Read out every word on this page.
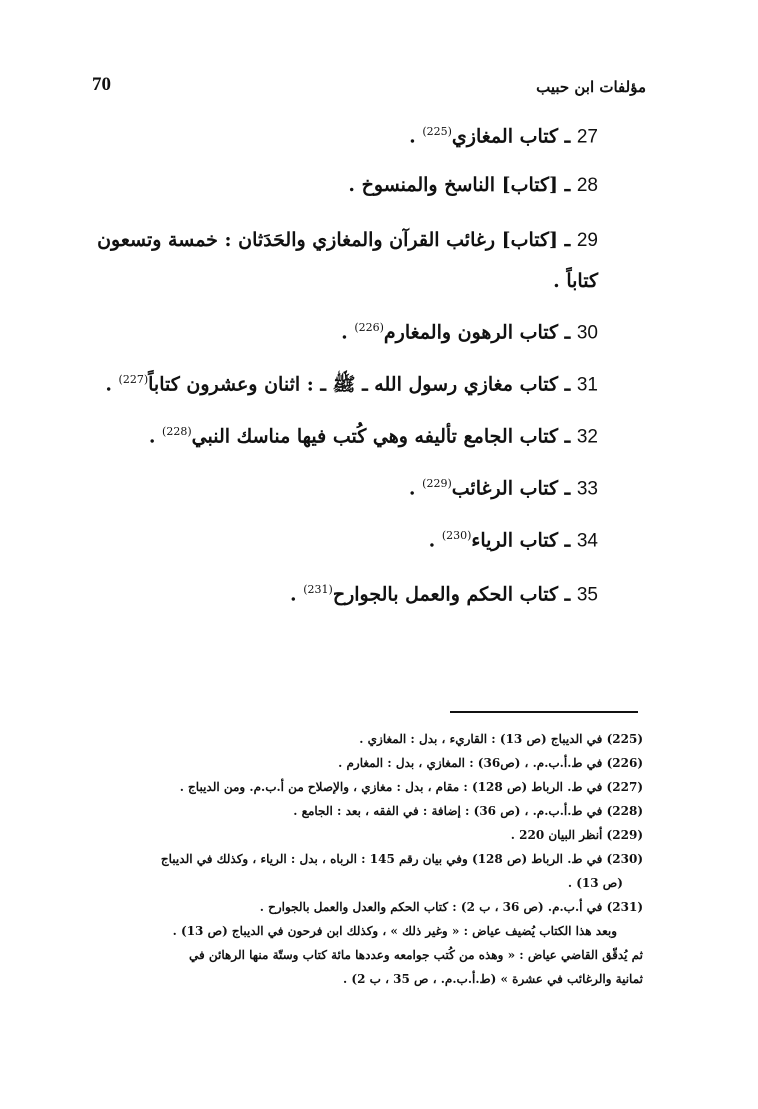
70	مؤلفات ابن حبيب
27 ـ كتاب المغازي$^{(225)}$ .
28 ـ [كتاب] الناسخ والمنسوخ .
29 ـ [كتاب] رغائب القرآن والمغازي والحَدَثان : خمسة وتسعون كتاباً .
30 ـ كتاب الرهون والمغارم$^{(226)}$ .
31 ـ كتاب مغازي رسول الله ـ ﷺ ـ : اثنان وعشرون كتاباً$^{(227)}$ .
32 ـ كتاب الجامع تأليفه وهي كُتب فيها مناسك النبي$^{(228)}$ .
33 ـ كتاب الرغائب$^{(229)}$ .
34 ـ كتاب الرياء$^{(230)}$ .
35 ـ كتاب الحكم والعمل بالجوارح$^{(231)}$ .

(225) في الديباج (ص 13) : القاريء ، بدل : المغازي .

(226) في ط.أ.ب.م. ، (ص36) : المغازي ، بدل : المغارم .

(227) في ط. الرباط (ص 128) : مقام ، بدل : مغازي ، والإصلاح من أ.ب.م. ومن الديباج .

(228) في ط.أ.ب.م. ، (ص 36) : إضافة : في الفقه ، بعد : الجامع .

(229) أنظر البيان 220 .

(230) في ط. الرباط (ص 128) وفي بيان رقم 145 : الرباه ، بدل : الرياء ، وكذلك في الديباج
(ص 13) .

(231) في أ.ب.م. (ص 36 ، ب 2) : كتاب الحكم والعدل والعمل بالجوارح .
وبعد هذا الكتاب يُضيف عياض : « وغير ذلك » ، وكذلك ابن فرحون في الديباج (ص 13) .
ثم يُدقّق القاضي عياض : « وهذه من كُتب جوامعه وعددها مائة كتاب وستّة منها الرهائن في
ثمانية والرغائب في عشرة » (ط.أ.ب.م. ، ص 35 ، ب 2) .
